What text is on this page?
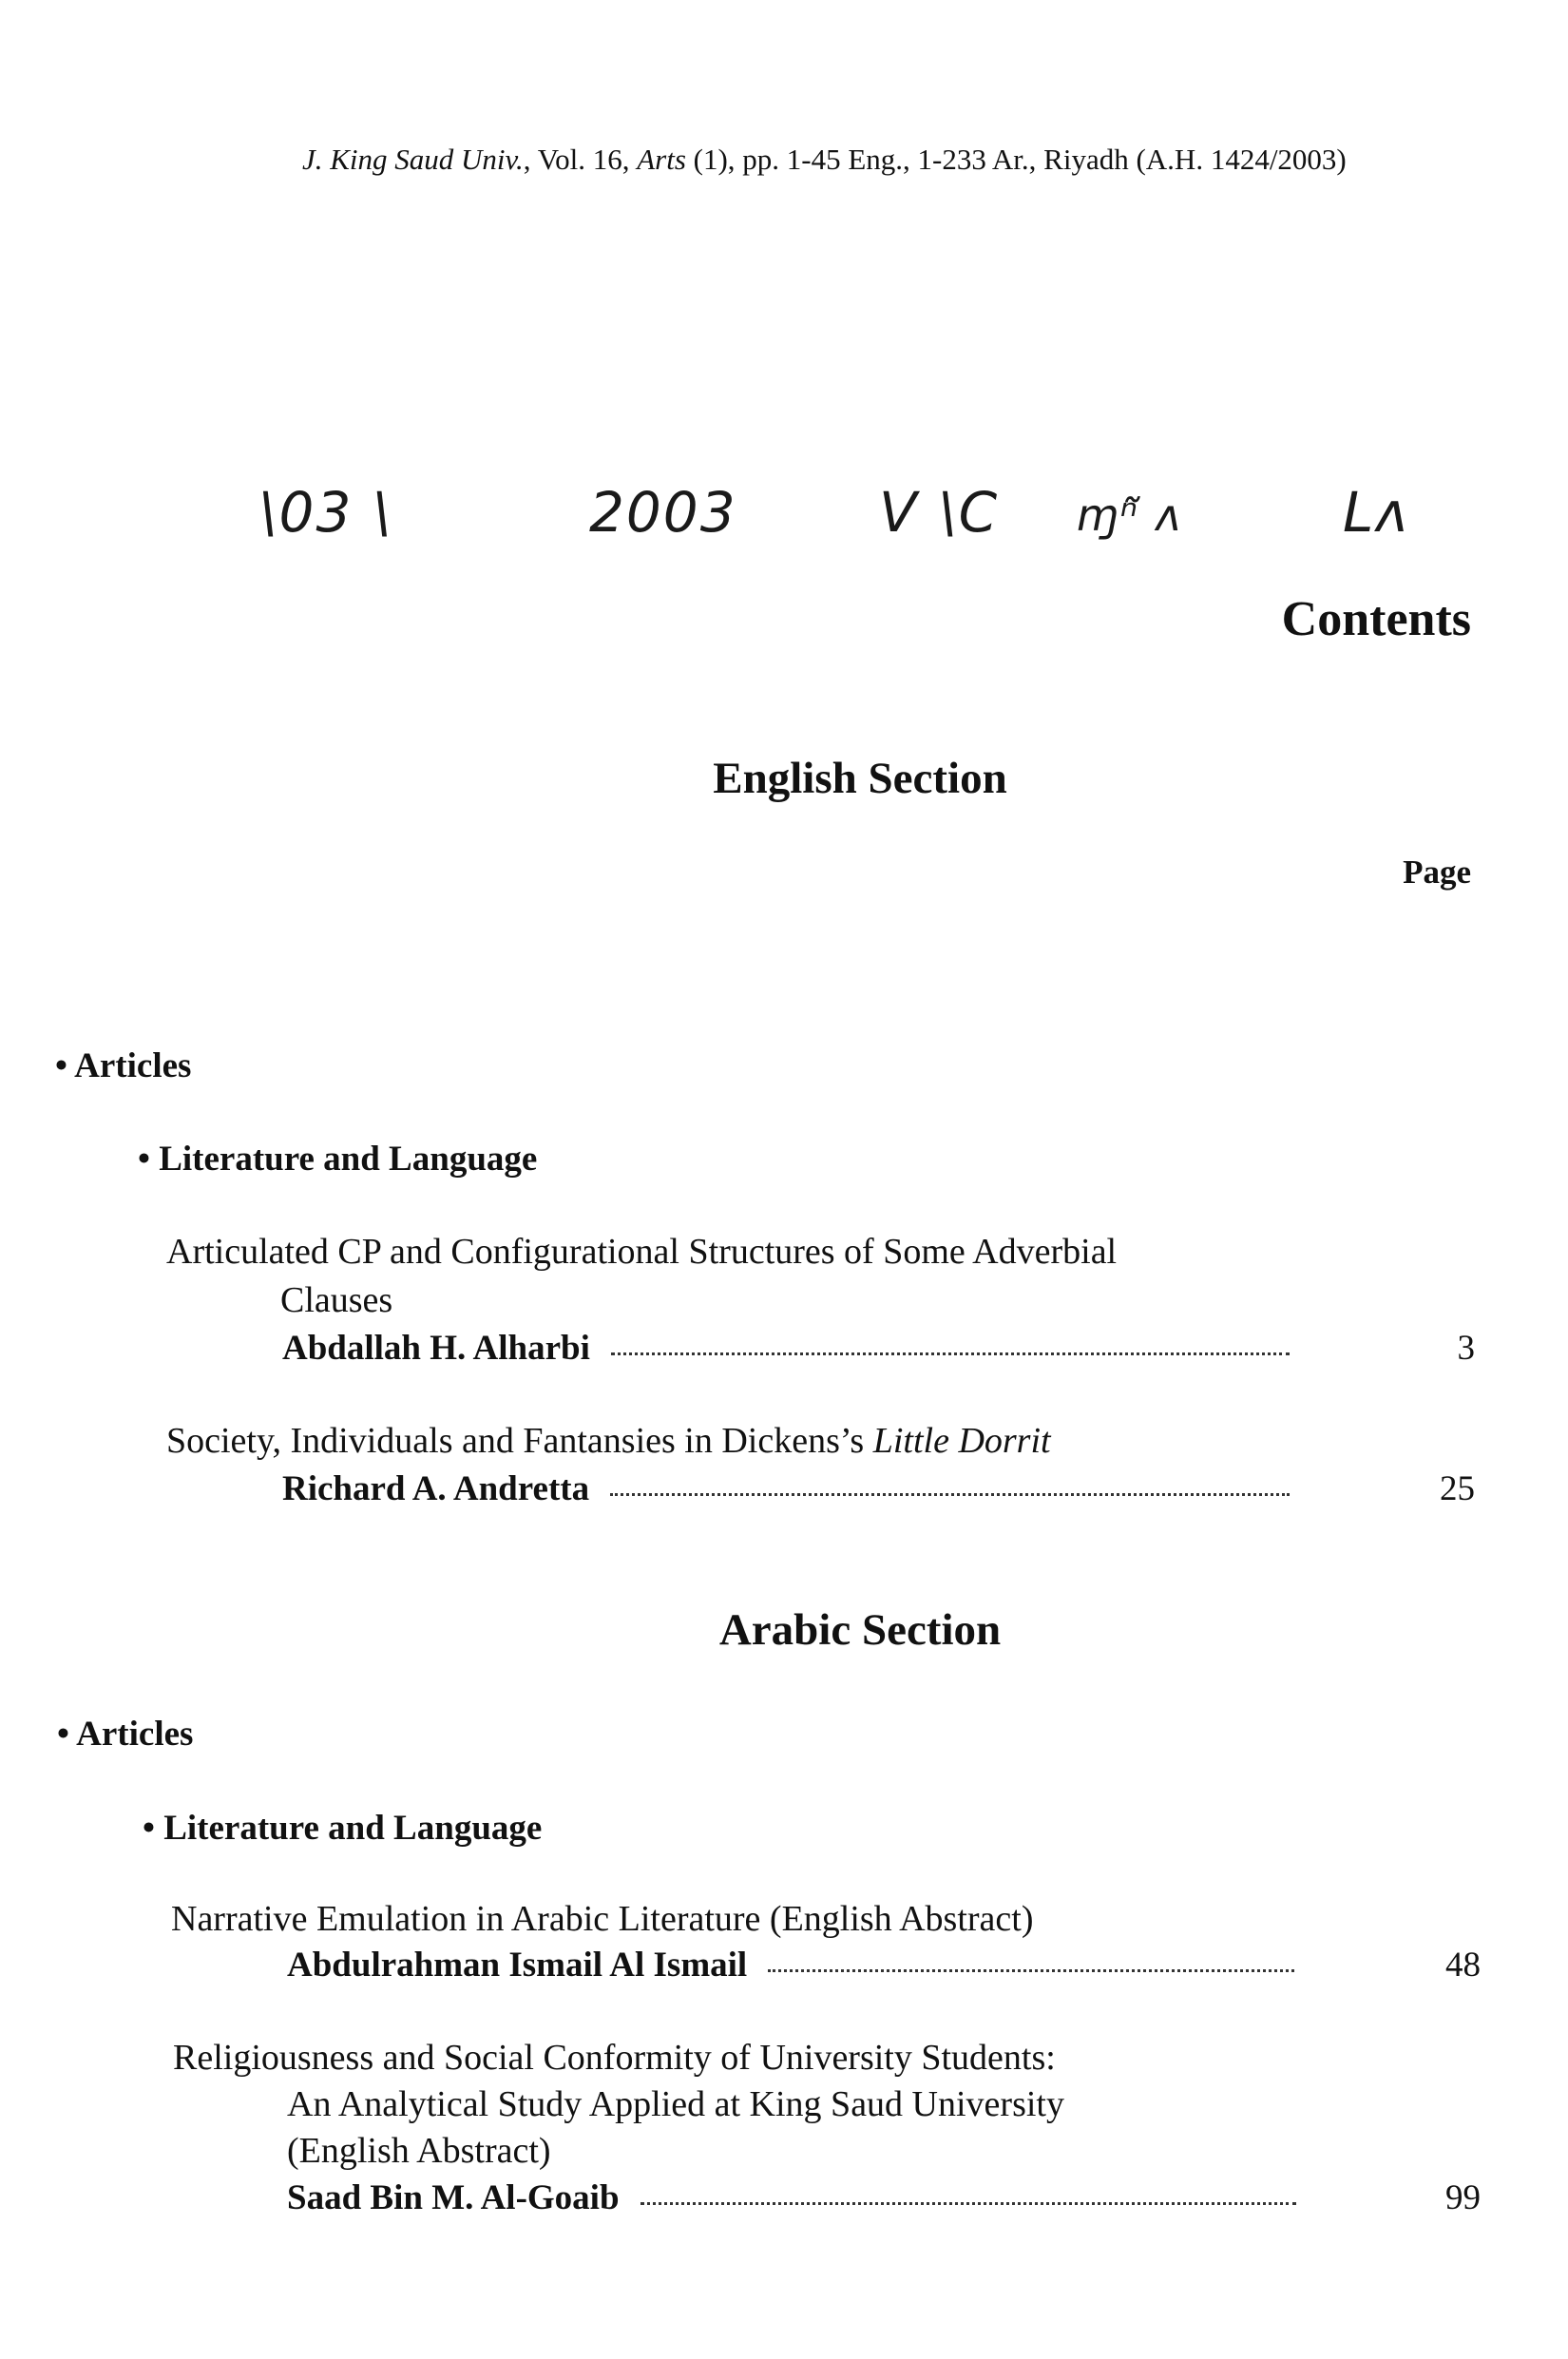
J. King Saud Univ., Vol. 16, Arts (1), pp. 1-45 Eng., 1-233 Ar., Riyadh (A.H. 1424/2003)
\03 \	2003	V \C ɱⁿ̃ ʌ	Lʌ
Contents
English Section
Page
• Articles
• Literature and Language
Articulated CP and Configurational Structures of Some Adverbial
Clauses
Abdallah H. Alharbi	3
Society, Individuals and Fantansies in Dickens’s Little Dorrit
Richard A. Andretta	25
Arabic Section
• Articles
• Literature and Language
Narrative Emulation in Arabic Literature (English Abstract)
Abdulrahman Ismail Al Ismail	48
Religiousness and Social Conformity of University Students:
An Analytical Study Applied at King Saud University
(English Abstract)
Saad Bin M. Al-Goaib	99
